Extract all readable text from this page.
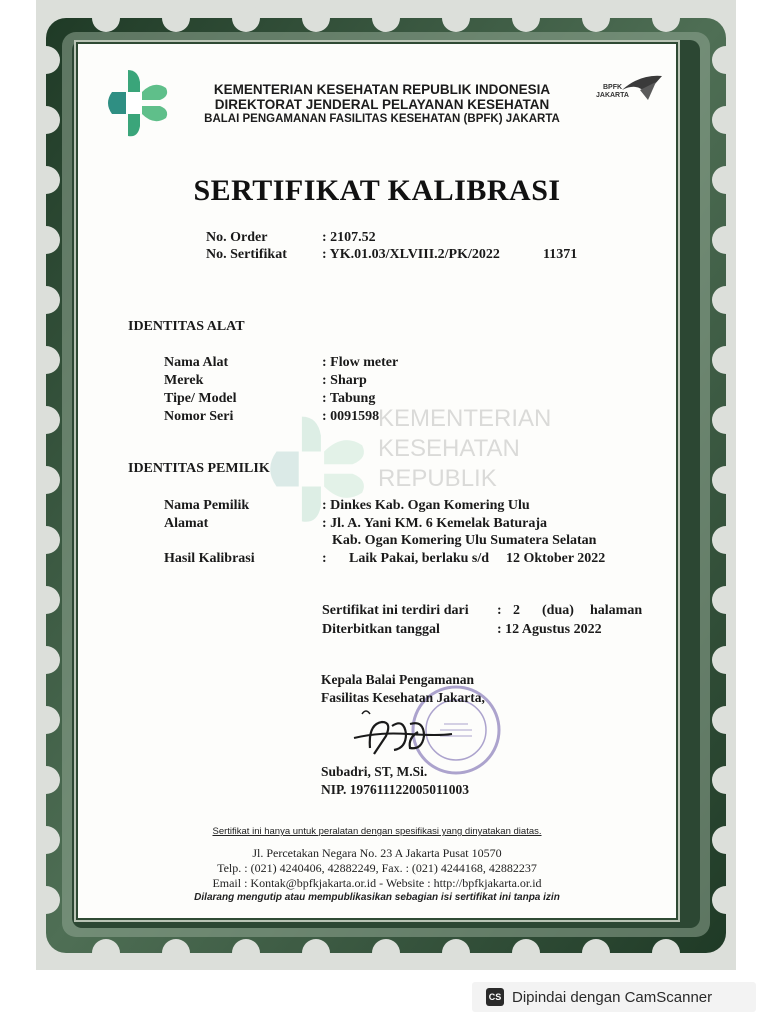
KEMENTERIAN KESEHATAN REPUBLIK INDONESIA
DIREKTORAT JENDERAL PELAYANAN KESEHATAN
BALAI PENGAMANAN FASILITAS KESEHATAN (BPFK) JAKARTA
BPFK
JAKARTA
SERTIFIKAT KALIBRASI
No. Order	: 2107.52
No. Sertifikat	: YK.01.03/XLVIII.2/PK/2022	11371
IDENTITAS ALAT
Nama Alat	: Flow meter
Merek	: Sharp
Tipe/ Model	: Tabung
Nomor Seri	: 0091598
KEMENTERIAN
KESEHATAN
REPUBLIK
IDENTITAS PEMILIK
Nama Pemilik	: Dinkes Kab. Ogan Komering Ulu
Alamat	: Jl. A. Yani KM. 6 Kemelak Baturaja
Kab. Ogan Komering Ulu Sumatera Selatan
Hasil Kalibrasi	: Laik Pakai, berlaku s/d 12 Oktober 2022
Sertifikat ini terdiri dari : 2 (dua) halaman
Diterbitkan tanggal	: 12 Agustus 2022
Kepala Balai Pengamanan
Fasilitas Kesehatan Jakarta,
Subadri, ST, M.Si.
NIP. 197611122005011003
Sertifikat ini hanya untuk peralatan dengan spesifikasi yang dinyatakan diatas.
Jl. Percetakan Negara No. 23 A Jakarta Pusat 10570
Telp. : (021) 4240406, 42882249, Fax. : (021) 4244168, 42882237
Email : Kontak@bpfkjakarta.or.id - Website : http://bpfkjakarta.or.id
Dilarang mengutip atau mempublikasikan sebagian isi sertifikat ini tanpa izin
CS Dipindai dengan CamScanner
